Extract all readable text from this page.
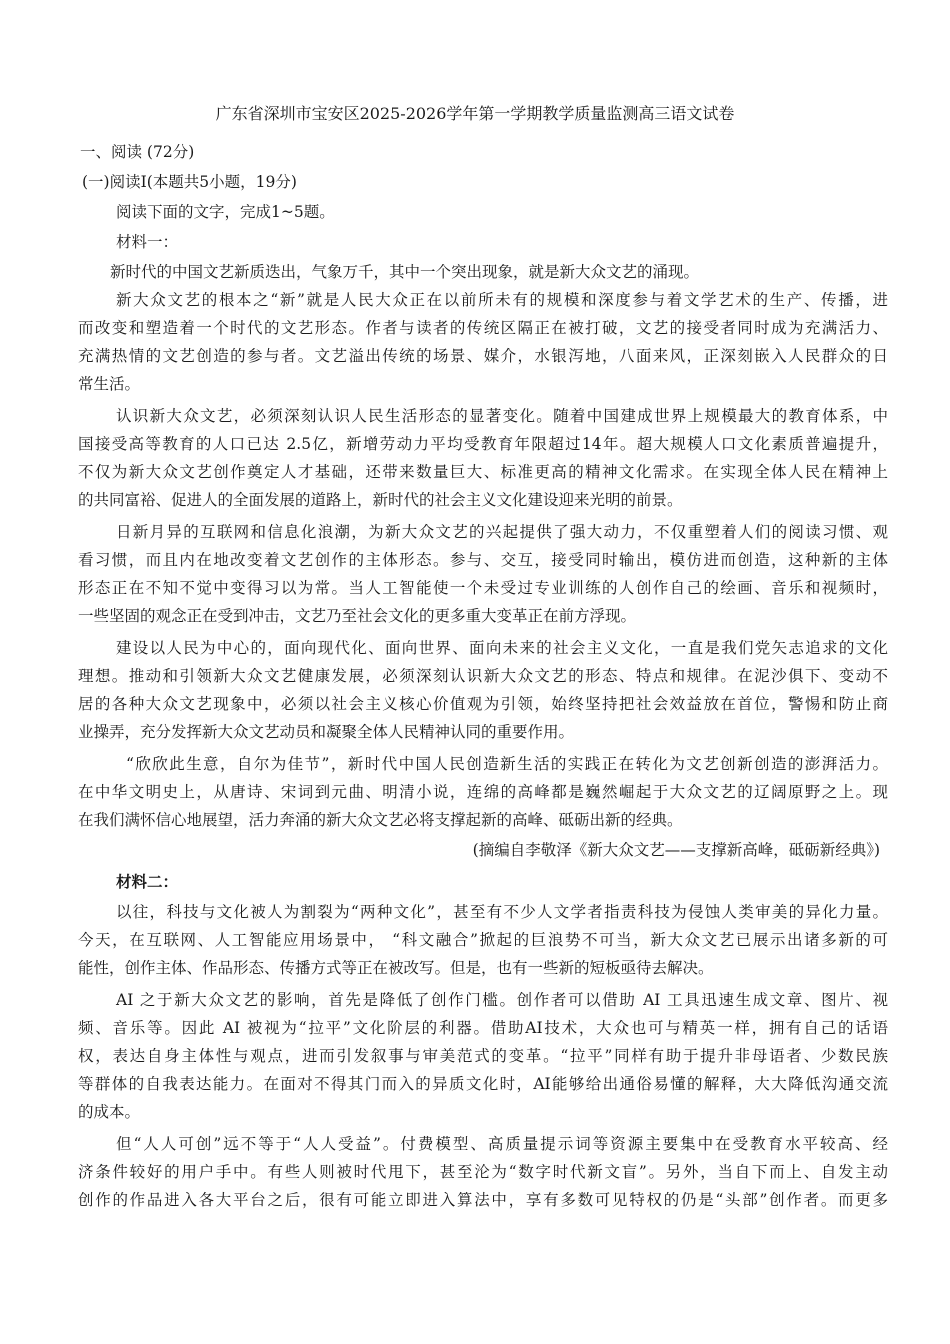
广东省深圳市宝安区2025-2026学年第一学期教学质量监测高三语文试卷
一、阅读 (72分)
(一)阅读Ⅰ(本题共5小题，19分)
阅读下面的文字，完成1~5题。
材料一：
新时代的中国文艺新质迭出，气象万千，其中一个突出现象，就是新大众文艺的涌现。
新大众文艺的根本之“新”就是人民大众正在以前所未有的规模和深度参与着文学艺术的生产、传播，进
而改变和塑造着一个时代的文艺形态。作者与读者的传统区隔正在被打破，文艺的接受者同时成为充满活力、
充满热情的文艺创造的参与者。文艺溢出传统的场景、媒介，水银泻地，八面来风，正深刻嵌入人民群众的日
常生活。
认识新大众文艺，必须深刻认识人民生活形态的显著变化。随着中国建成世界上规模最大的教育体系，中
国接受高等教育的人口已达 2.5亿，新增劳动力平均受教育年限超过14年。超大规模人口文化素质普遍提升，
不仅为新大众文艺创作奠定人才基础，还带来数量巨大、标准更高的精神文化需求。在实现全体人民在精神上
的共同富裕、促进人的全面发展的道路上，新时代的社会主义文化建设迎来光明的前景。
日新月异的互联网和信息化浪潮，为新大众文艺的兴起提供了强大动力，不仅重塑着人们的阅读习惯、观
看习惯，而且内在地改变着文艺创作的主体形态。参与、交互，接受同时输出，模仿进而创造，这种新的主体
形态正在不知不觉中变得习以为常。当人工智能使一个未受过专业训练的人创作自己的绘画、音乐和视频时，
一些坚固的观念正在受到冲击，文艺乃至社会文化的更多重大变革正在前方浮现。
建设以人民为中心的，面向现代化、面向世界、面向未来的社会主义文化，一直是我们党矢志追求的文化
理想。推动和引领新大众文艺健康发展，必须深刻认识新大众文艺的形态、特点和规律。在泥沙俱下、变动不
居的各种大众文艺现象中，必须以社会主义核心价值观为引领，始终坚持把社会效益放在首位，警惕和防止商
业操弄，充分发挥新大众文艺动员和凝聚全体人民精神认同的重要作用。
“欣欣此生意，自尔为佳节”，新时代中国人民创造新生活的实践正在转化为文艺创新创造的澎湃活力。
在中华文明史上，从唐诗、宋词到元曲、明清小说，连绵的高峰都是巍然崛起于大众文艺的辽阔原野之上。现
在我们满怀信心地展望，活力奔涌的新大众文艺必将支撑起新的高峰、砥砺出新的经典。
(摘编自李敬泽《新大众文艺——支撑新高峰，砥砺新经典》)
材料二：
以往，科技与文化被人为割裂为“两种文化”，甚至有不少人文学者指责科技为侵蚀人类审美的异化力量。
今天，在互联网、人工智能应用场景中， “科文融合”掀起的巨浪势不可当，新大众文艺已展示出诸多新的可
能性，创作主体、作品形态、传播方式等正在被改写。但是，也有一些新的短板亟待去解决。
AI 之于新大众文艺的影响，首先是降低了创作门槛。创作者可以借助 AI 工具迅速生成文章、图片、视
频、音乐等。因此 AI 被视为“拉平”文化阶层的利器。借助AI技术，大众也可与精英一样，拥有自己的话语
权，表达自身主体性与观点，进而引发叙事与审美范式的变革。“拉平”同样有助于提升非母语者、少数民族
等群体的自我表达能力。在面对不得其门而入的异质文化时，AI能够给出通俗易懂的解释，大大降低沟通交流
的成本。
但“人人可创”远不等于“人人受益”。付费模型、高质量提示词等资源主要集中在受教育水平较高、经
济条件较好的用户手中。有些人则被时代甩下，甚至沦为“数字时代新文盲”。另外，当自下而上、自发主动
创作的作品进入各大平台之后，很有可能立即进入算法中，享有多数可见特权的仍是“头部”创作者。而更多
